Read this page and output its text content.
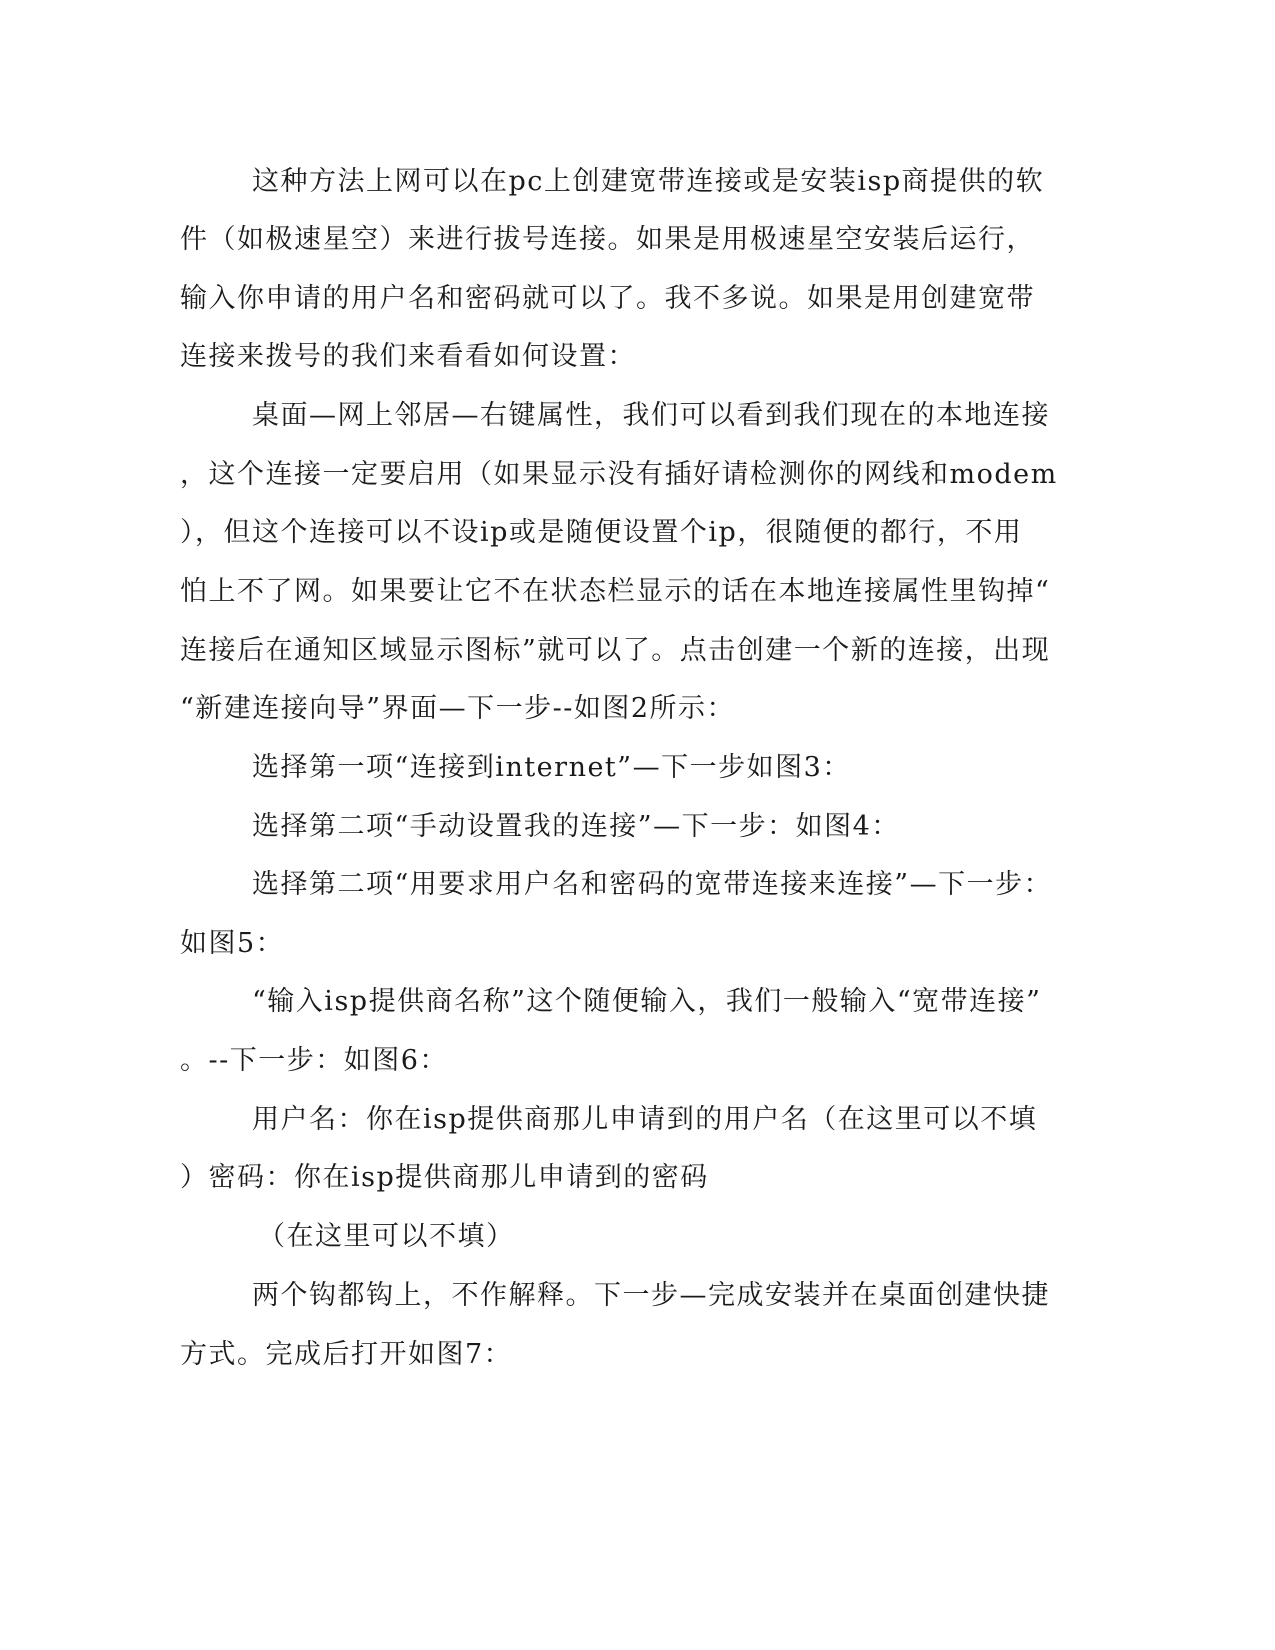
这种方法上网可以在pc上创建宽带连接或是安装isp商提供的软
件（如极速星空）来进行拔号连接。如果是用极速星空安装后运行，
输入你申请的用户名和密码就可以了。我不多说。如果是用创建宽带
连接来拨号的我们来看看如何设置：
桌面—网上邻居—右键属性，我们可以看到我们现在的本地连接
，这个连接一定要启用（如果显示没有插好请检测你的网线和modem
），但这个连接可以不设ip或是随便设置个ip，很随便的都行，不用
怕上不了网。如果要让它不在状态栏显示的话在本地连接属性里钩掉“
连接后在通知区域显示图标”就可以了。点击创建一个新的连接，出现
“新建连接向导”界面—下一步--如图2所示：
选择第一项“连接到internet”—下一步如图3：
选择第二项“手动设置我的连接”—下一步：如图4：
选择第二项“用要求用户名和密码的宽带连接来连接”—下一步：
如图5：
“输入isp提供商名称”这个随便输入，我们一般输入“宽带连接”
。--下一步：如图6：
用户名：你在isp提供商那儿申请到的用户名（在这里可以不填
）密码：你在isp提供商那儿申请到的密码
（在这里可以不填）
两个钩都钩上，不作解释。下一步—完成安装并在桌面创建快捷
方式。完成后打开如图7：
